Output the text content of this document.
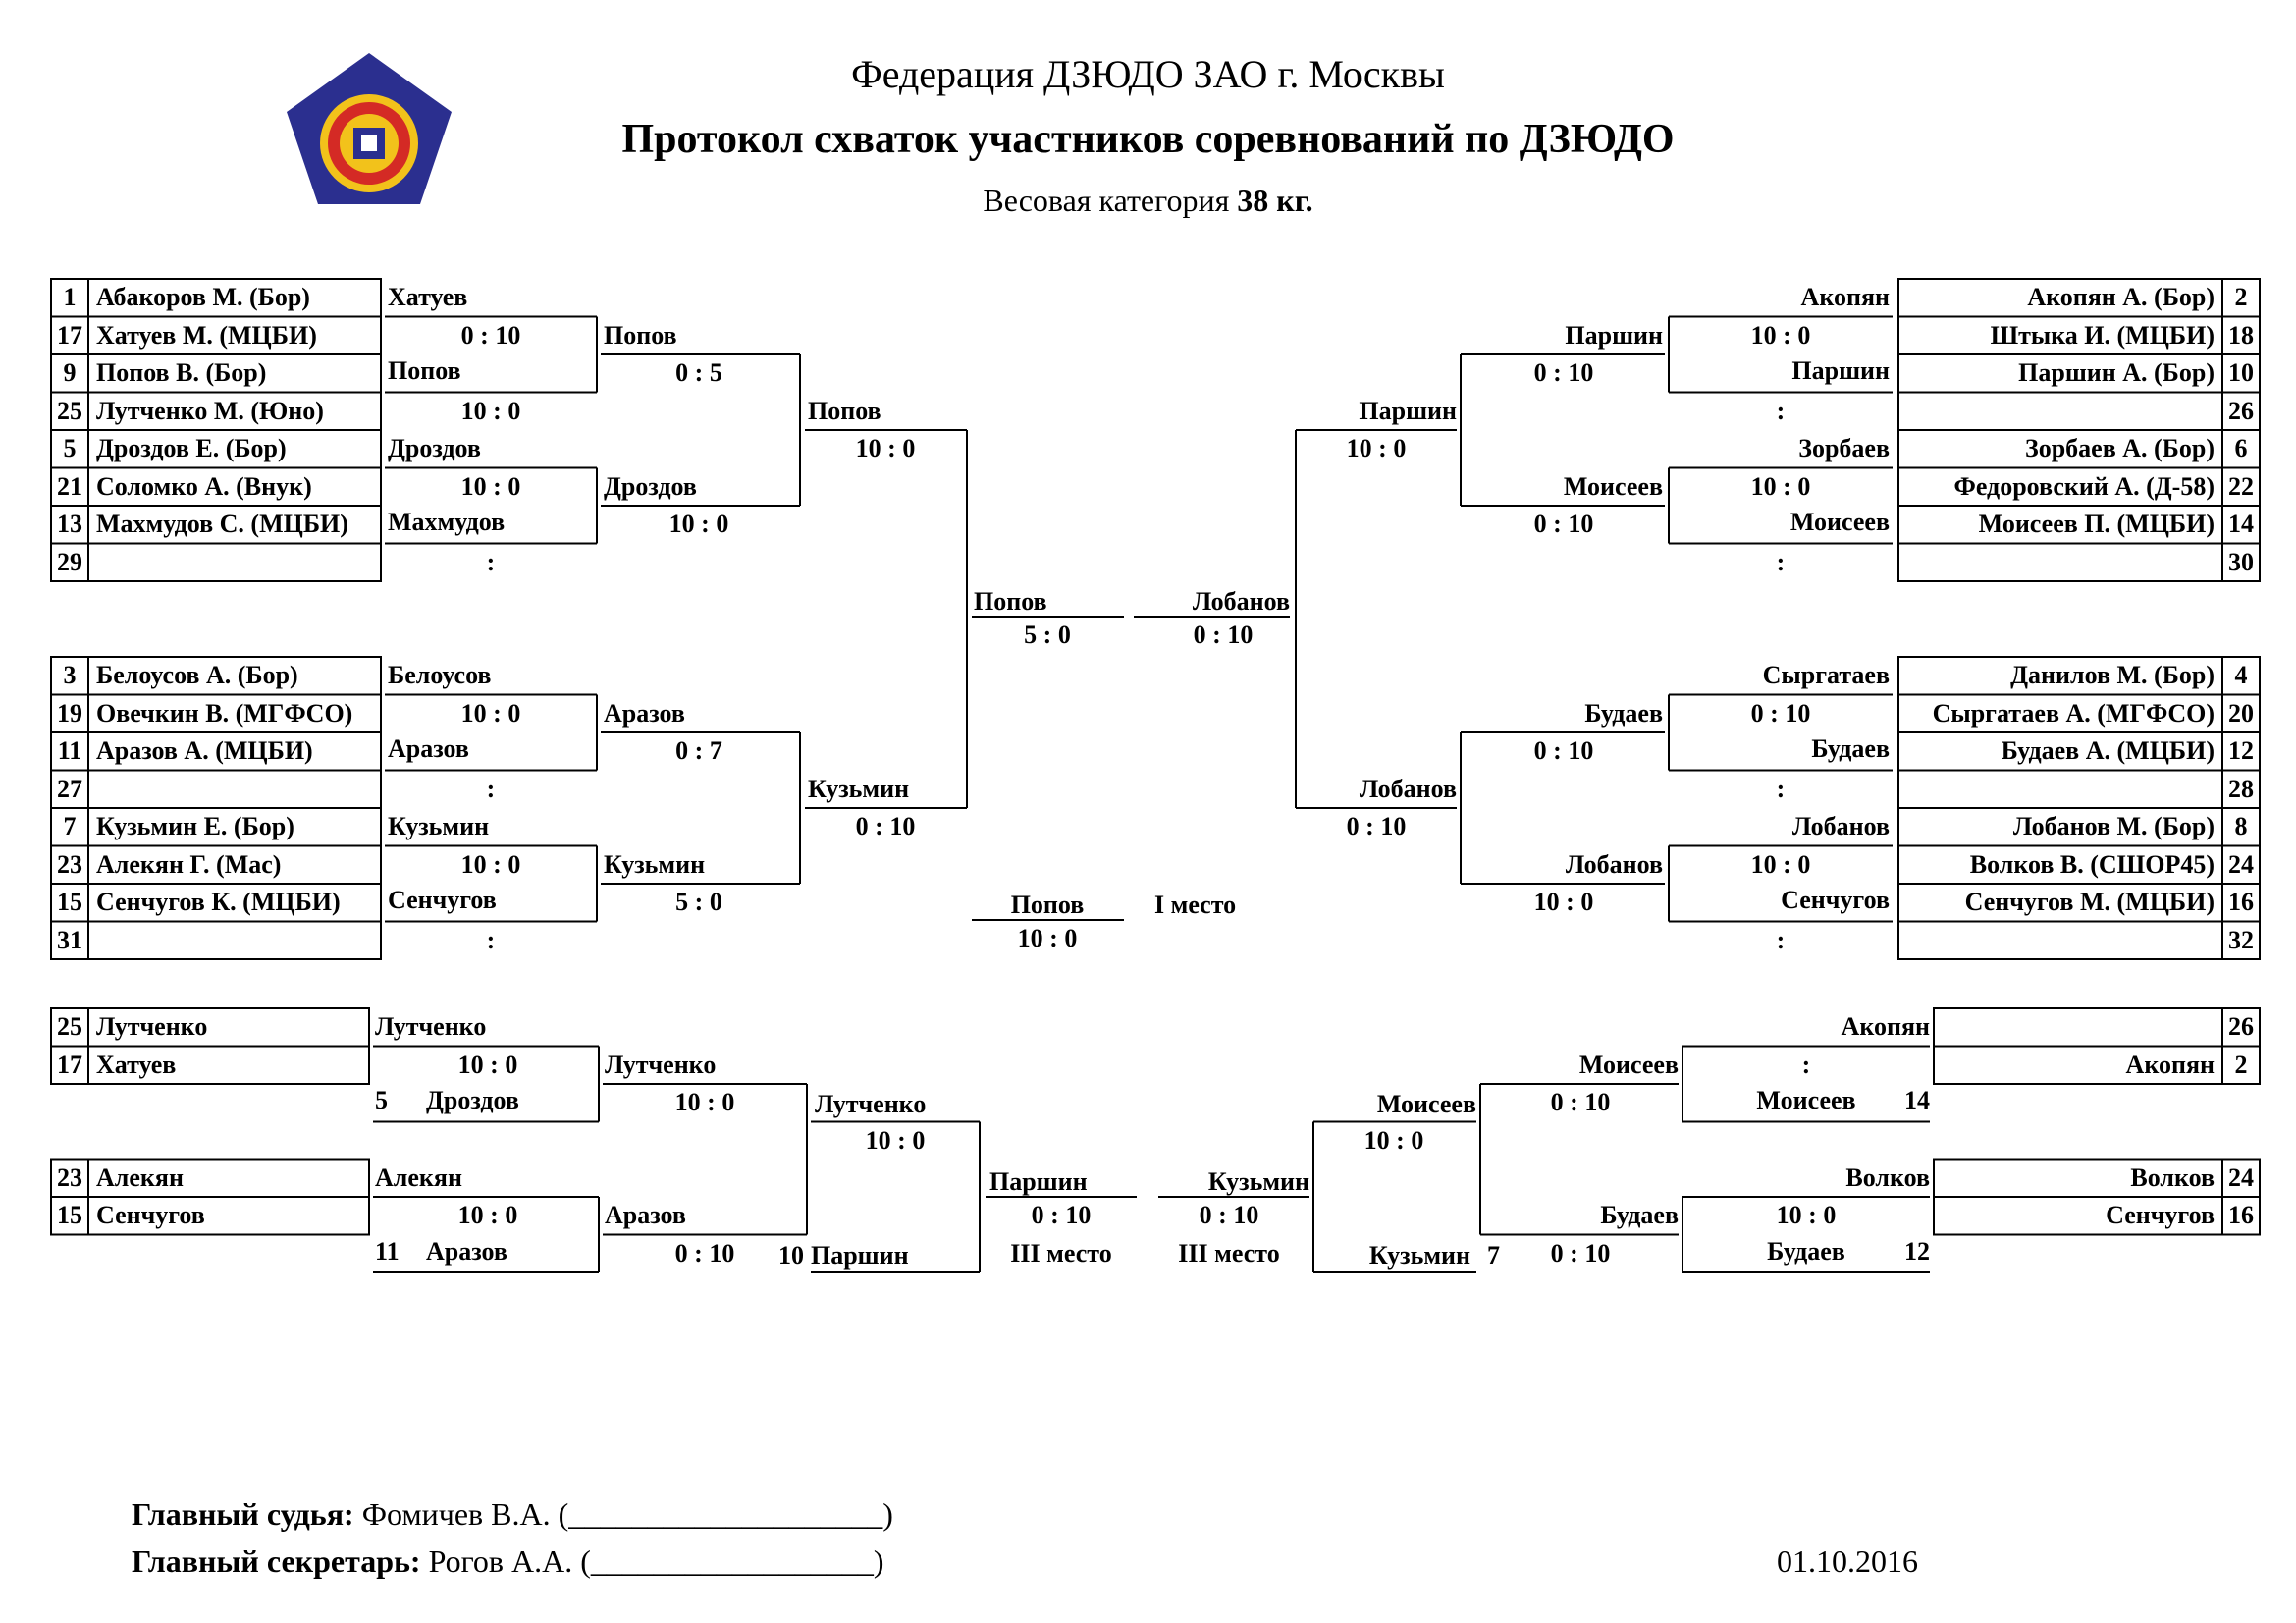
Федерация ДЗЮДО ЗАО г. Москвы
Протокол схваток участников соревнований по ДЗЮДО
Весовая категория 38 кг.
1 Абакоров М. (Бор)
17 Хатуев М. (МЦБИ)
9 Попов В. (Бор)
25 Лутченко М. (Юно)
5 Дроздов Е. (Бор)
21 Соломко А. (Внук)
13 Махмудов С. (МЦБИ)
29
3 Белоусов А. (Бор)
19 Овечкин В. (МГФСО)
11 Аразов А. (МЦБИ)
27
7 Кузьмин Е. (Бор)
23 Алекян Г. (Мас)
15 Сенчугов К. (МЦБИ)
31
Акопян А. (Бор) 2
Штыка И. (МЦБИ) 18
Паршин А. (Бор) 10
26
Зорбаев А. (Бор) 6
Федоровский А. (Д-58) 22
Моисеев П. (МЦБИ) 14
30
Данилов М. (Бор) 4
Сыргатаев А. (МГФСО) 20
Будаев А. (МЦБИ) 12
28
Лобанов М. (Бор) 8
Волков В. (СШОР45) 24
Сенчугов М. (МЦБИ) 16
32
Хатуев
0 : 10
Попов
10 : 0
Дроздов
10 : 0
Махмудов
:
Белоусов
10 : 0
Аразов
:
Кузьмин
10 : 0
Сенчугов
:
Попов
0 : 5
Дроздов
10 : 0
Аразов
0 : 7
Кузьмин
5 : 0
Попов
10 : 0
Кузьмин
0 : 10
Акопян
10 : 0
Паршин
:
Зорбаев
10 : 0
Моисеев
:
Сыргатаев
0 : 10
Будаев
:
Лобанов
10 : 0
Сенчугов
:
Паршин
0 : 10
Моисеев
0 : 10
Будаев
0 : 10
Лобанов
10 : 0
Паршин
10 : 0
Лобанов
0 : 10
Попов
5 : 0
Лобанов
0 : 10
Попов
10 : 0
I место
25 Лутченко
17 Хатуев
23 Алекян
15 Сенчугов
26
Акопян 2
Волков 24
Сенчугов 16
Лутченко
10 : 0
5 Дроздов
Алекян
10 : 0
11 Аразов
Лутченко
10 : 0
Аразов
0 : 10
Лутченко
10 : 0
10 Паршин
Паршин
0 : 10
III место
Акопян
:
Моисеев	14
Волков
10 : 0
Будаев	12
Моисеев
0 : 10
Будаев
0 : 10
Моисеев
10 : 0
Кузьмин 7
Кузьмин
0 : 10
III место
Главный судья: Фомичев В.А. (____________________)
Главный секретарь: Рогов А.А. (__________________)	01.10.2016
